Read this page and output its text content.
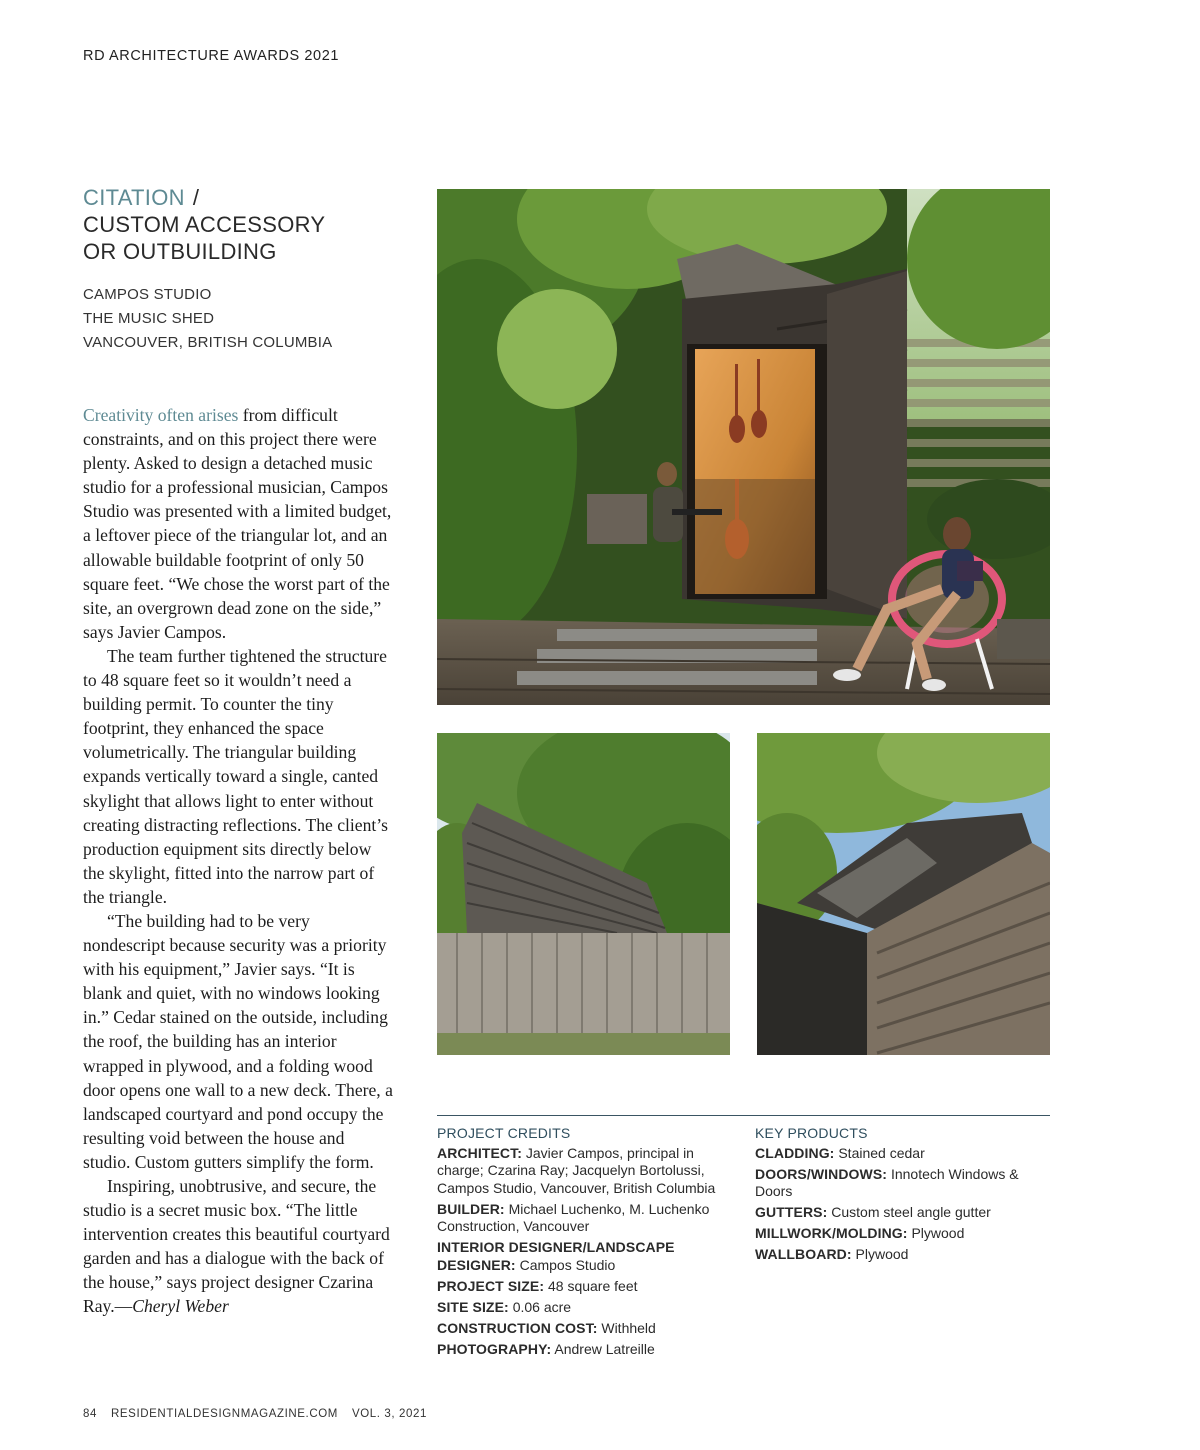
RD ARCHITECTURE AWARDS 2021
CITATION /
CUSTOM ACCESSORY
OR OUTBUILDING
CAMPOS STUDIO
THE MUSIC SHED
VANCOUVER, BRITISH COLUMBIA

Creativity often arises from difficult constraints, and on this project there were plenty. Asked to design a detached music studio for a professional musician, Campos Studio was presented with a limited budget, a leftover piece of the triangular lot, and an allowable buildable footprint of only 50 square feet. “We chose the worst part of the site, an overgrown dead zone on the side,” says Javier Campos.

The team further tightened the structure to 48 square feet so it wouldn’t need a building permit. To counter the tiny footprint, they enhanced the space volumetrically. The triangular building expands vertically toward a single, canted skylight that allows light to enter without creating distracting reflections. The client’s production equipment sits directly below the skylight, fitted into the narrow part of the triangle.

“The building had to be very nondescript because security was a priority with his equipment,” Javier says. “It is blank and quiet, with no windows looking in.” Cedar stained on the outside, including the roof, the building has an interior wrapped in plywood, and a folding wood door opens one wall to a new deck. There, a landscaped courtyard and pond occupy the resulting void between the house and studio. Custom gutters simplify the form.

Inspiring, unobtrusive, and secure, the studio is a secret music box. “The little intervention creates this beautiful courtyard garden and has a dialogue with the back of the house,” says project designer Czarina Ray.—Cheryl Weber

PROJECT CREDITS
ARCHITECT: Javier Campos, principal in charge; Czarina Ray; Jacquelyn Bortolussi, Campos Studio, Vancouver, British Columbia
BUILDER: Michael Luchenko, M. Luchenko Construction, Vancouver
INTERIOR DESIGNER/LANDSCAPE DESIGNER: Campos Studio
PROJECT SIZE: 48 square feet
SITE SIZE: 0.06 acre
CONSTRUCTION COST: Withheld
PHOTOGRAPHY: Andrew Latreille
KEY PRODUCTS
CLADDING: Stained cedar
DOORS/WINDOWS: Innotech Windows & Doors
GUTTERS: Custom steel angle gutter
MILLWORK/MOLDING: Plywood
WALLBOARD: Plywood
84 RESIDENTIALDESIGNMAGAZINE.COM VOL. 3, 2021
